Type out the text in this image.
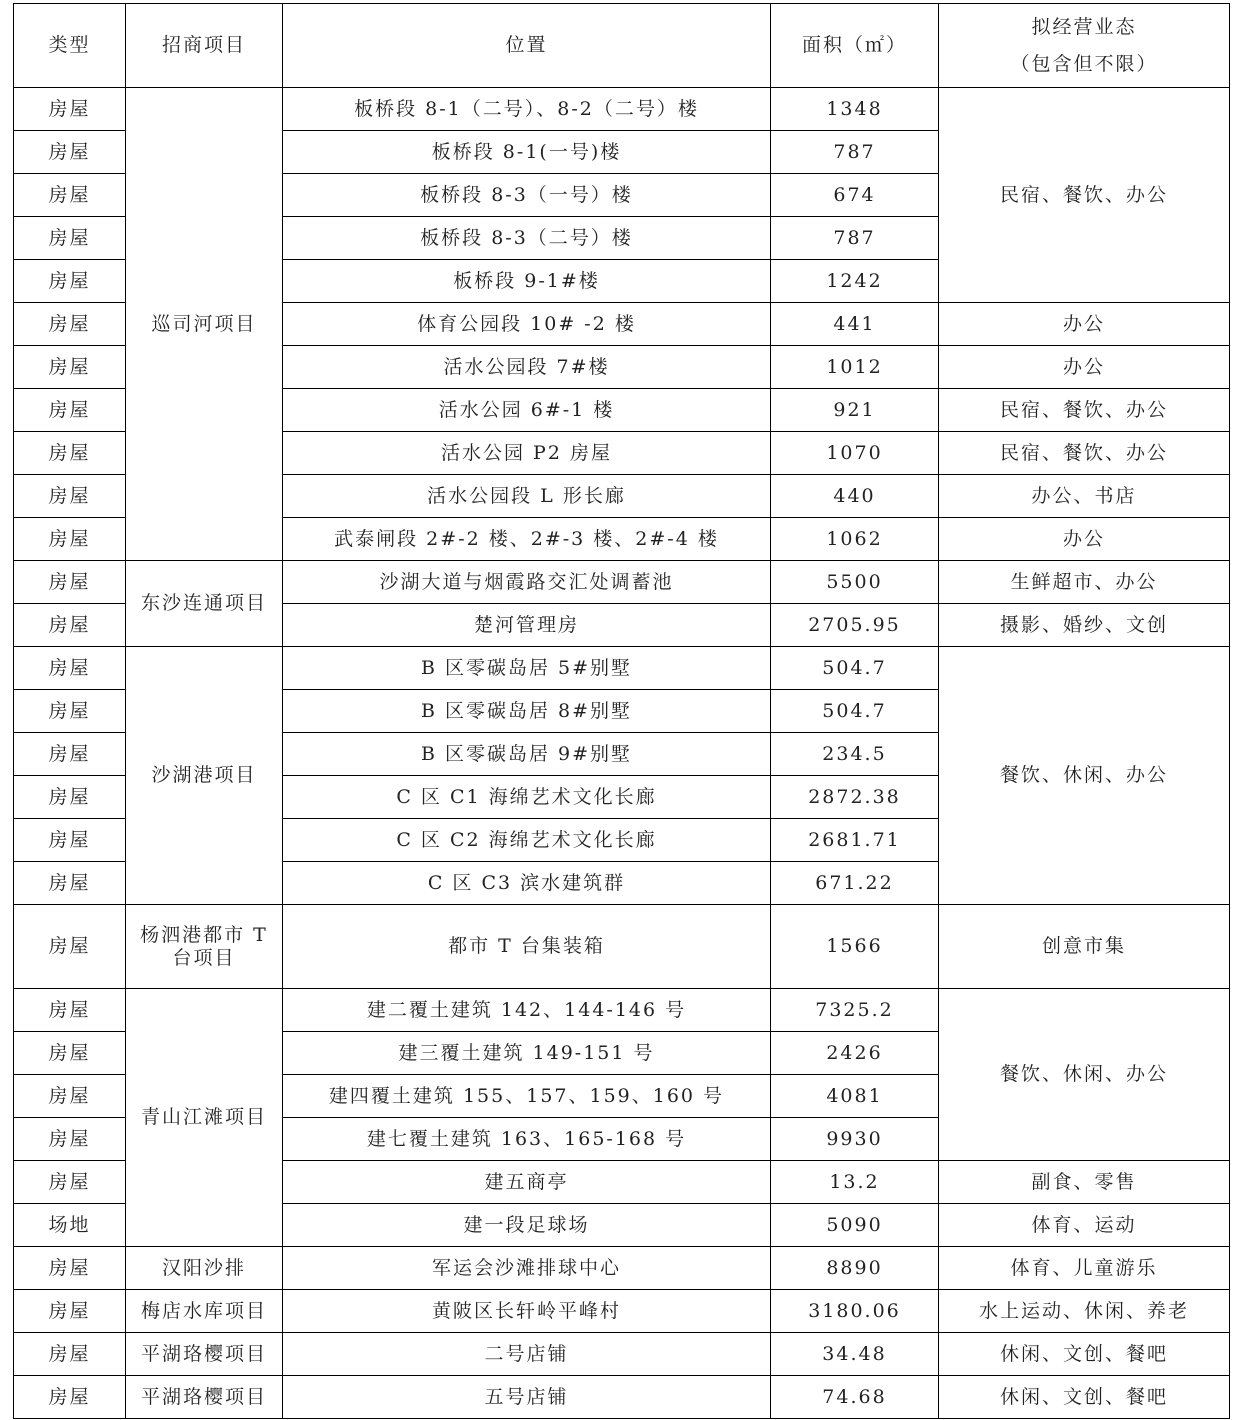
类型	招商项目	位置	面积（㎡）	拟经营业态
（包含但不限）

房屋	巡司河项目	板桥段 8-1（二号）、8-2（二号）楼	1348	民宿、餐饮、办公
房屋		板桥段 8-1(一号)楼	787	
房屋		板桥段 8-3（一号）楼	674	
房屋		板桥段 8-3（二号）楼	787	
房屋		板桥段 9-1#楼	1242	
房屋		体育公园段 10# -2 楼	441	办公
房屋		活水公园段 7#楼	1012	办公
房屋		活水公园 6#-1 楼	921	民宿、餐饮、办公
房屋		活水公园 P2 房屋	1070	民宿、餐饮、办公
房屋		活水公园段 L 形长廊	440	办公、书店
房屋		武泰闸段 2#-2 楼、2#-3 楼、2#-4 楼	1062	办公
房屋	东沙连通项目	沙湖大道与烟霞路交汇处调蓄池	5500	生鲜超市、办公
房屋		楚河管理房	2705.95	摄影、婚纱、文创
房屋	沙湖港项目	B 区零碳岛居 5#别墅	504.7	餐饮、休闲、办公
房屋		B 区零碳岛居 8#别墅	504.7	
房屋		B 区零碳岛居 9#别墅	234.5	
房屋		C 区 C1 海绵艺术文化长廊	2872.38	
房屋		C 区 C2 海绵艺术文化长廊	2681.71	
房屋		C 区 C3 滨水建筑群	671.22	
房屋	杨泗港都市 T 台项目	都市 T 台集装箱	1566	创意市集
房屋	青山江滩项目	建二覆土建筑 142、144-146 号	7325.2	餐饮、休闲、办公
房屋		建三覆土建筑 149-151 号	2426	
房屋		建四覆土建筑 155、157、159、160 号	4081	
房屋		建七覆土建筑 163、165-168 号	9930	
房屋		建五商亭	13.2	副食、零售
场地		建一段足球场	5090	体育、运动
房屋	汉阳沙排	军运会沙滩排球中心	8890	体育、儿童游乐
房屋	梅店水库项目	黄陂区长轩岭平峰村	3180.06	水上运动、休闲、养老
房屋	平湖珞樱项目	二号店铺	34.48	休闲、文创、餐吧
房屋	平湖珞樱项目	五号店铺	74.68	休闲、文创、餐吧
